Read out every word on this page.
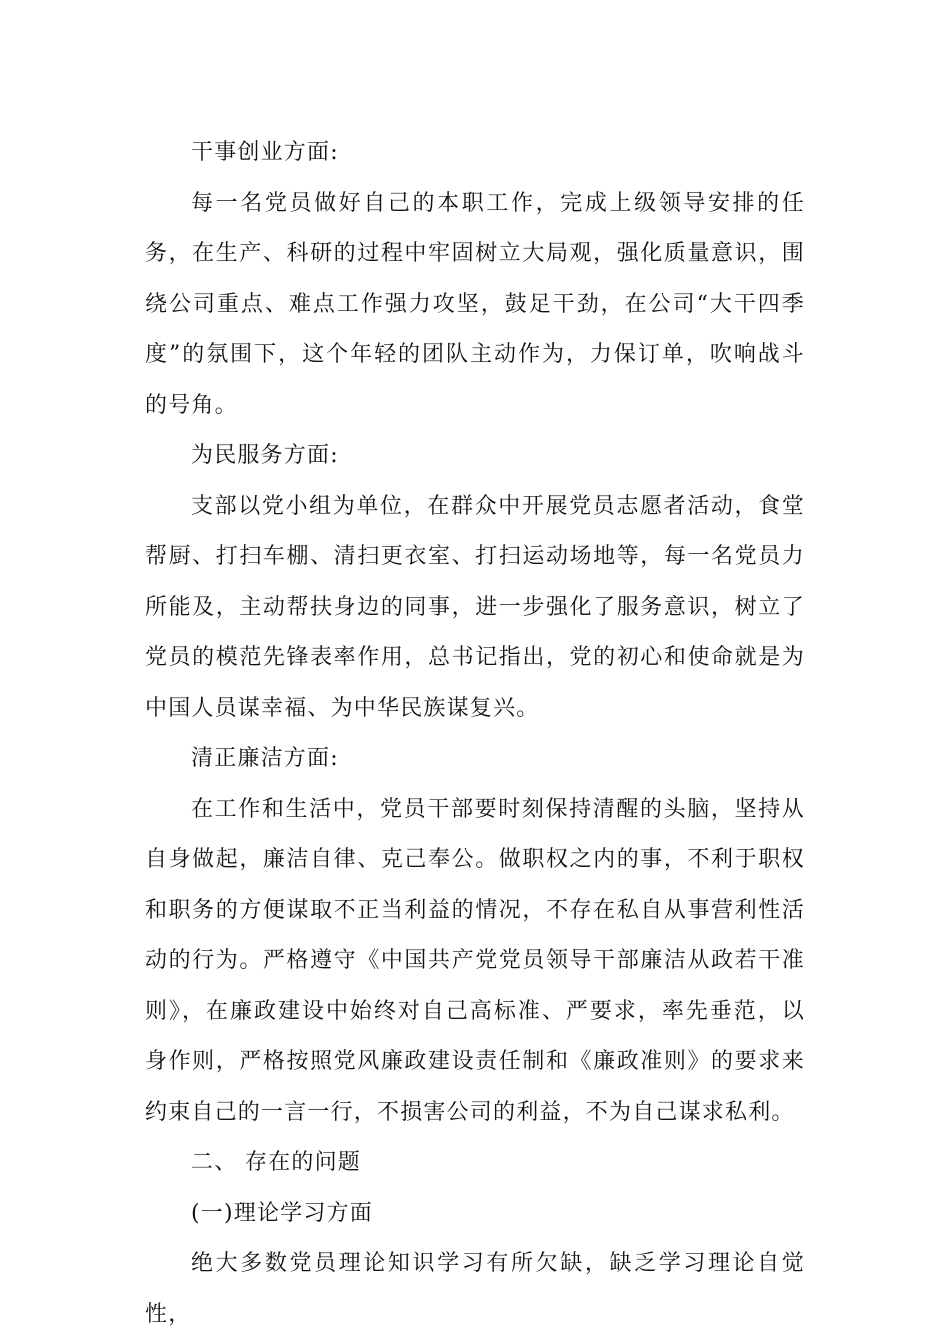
干事创业方面:

每一名党员做好自己的本职工作，完成上级领导安排的任务，在生产、科研的过程中牢固树立大局观，强化质量意识，围绕公司重点、难点工作强力攻坚，鼓足干劲，在公司“大干四季度”的氛围下，这个年轻的团队主动作为，力保订单，吹响战斗的号角。

为民服务方面:

支部以党小组为单位，在群众中开展党员志愿者活动，食堂帮厨、打扫车棚、清扫更衣室、打扫运动场地等，每一名党员力所能及，主动帮扶身边的同事，进一步强化了服务意识，树立了党员的模范先锋表率作用，总书记指出，党的初心和使命就是为中国人员谋幸福、为中华民族谋复兴。

清正廉洁方面:

在工作和生活中，党员干部要时刻保持清醒的头脑，坚持从自身做起，廉洁自律、克己奉公。做职权之内的事，不利于职权和职务的方便谋取不正当利益的情况，不存在私自从事营利性活动的行为。严格遵守《中国共产党党员领导干部廉洁从政若干准则》，在廉政建设中始终对自己高标准、严要求，率先垂范，以身作则，严格按照党风廉政建设责任制和《廉政准则》的要求来约束自己的一言一行，不损害公司的利益，不为自己谋求私利。

二、 存在的问题

(一)理论学习方面

绝大多数党员理论知识学习有所欠缺，缺乏学习理论自觉性，
